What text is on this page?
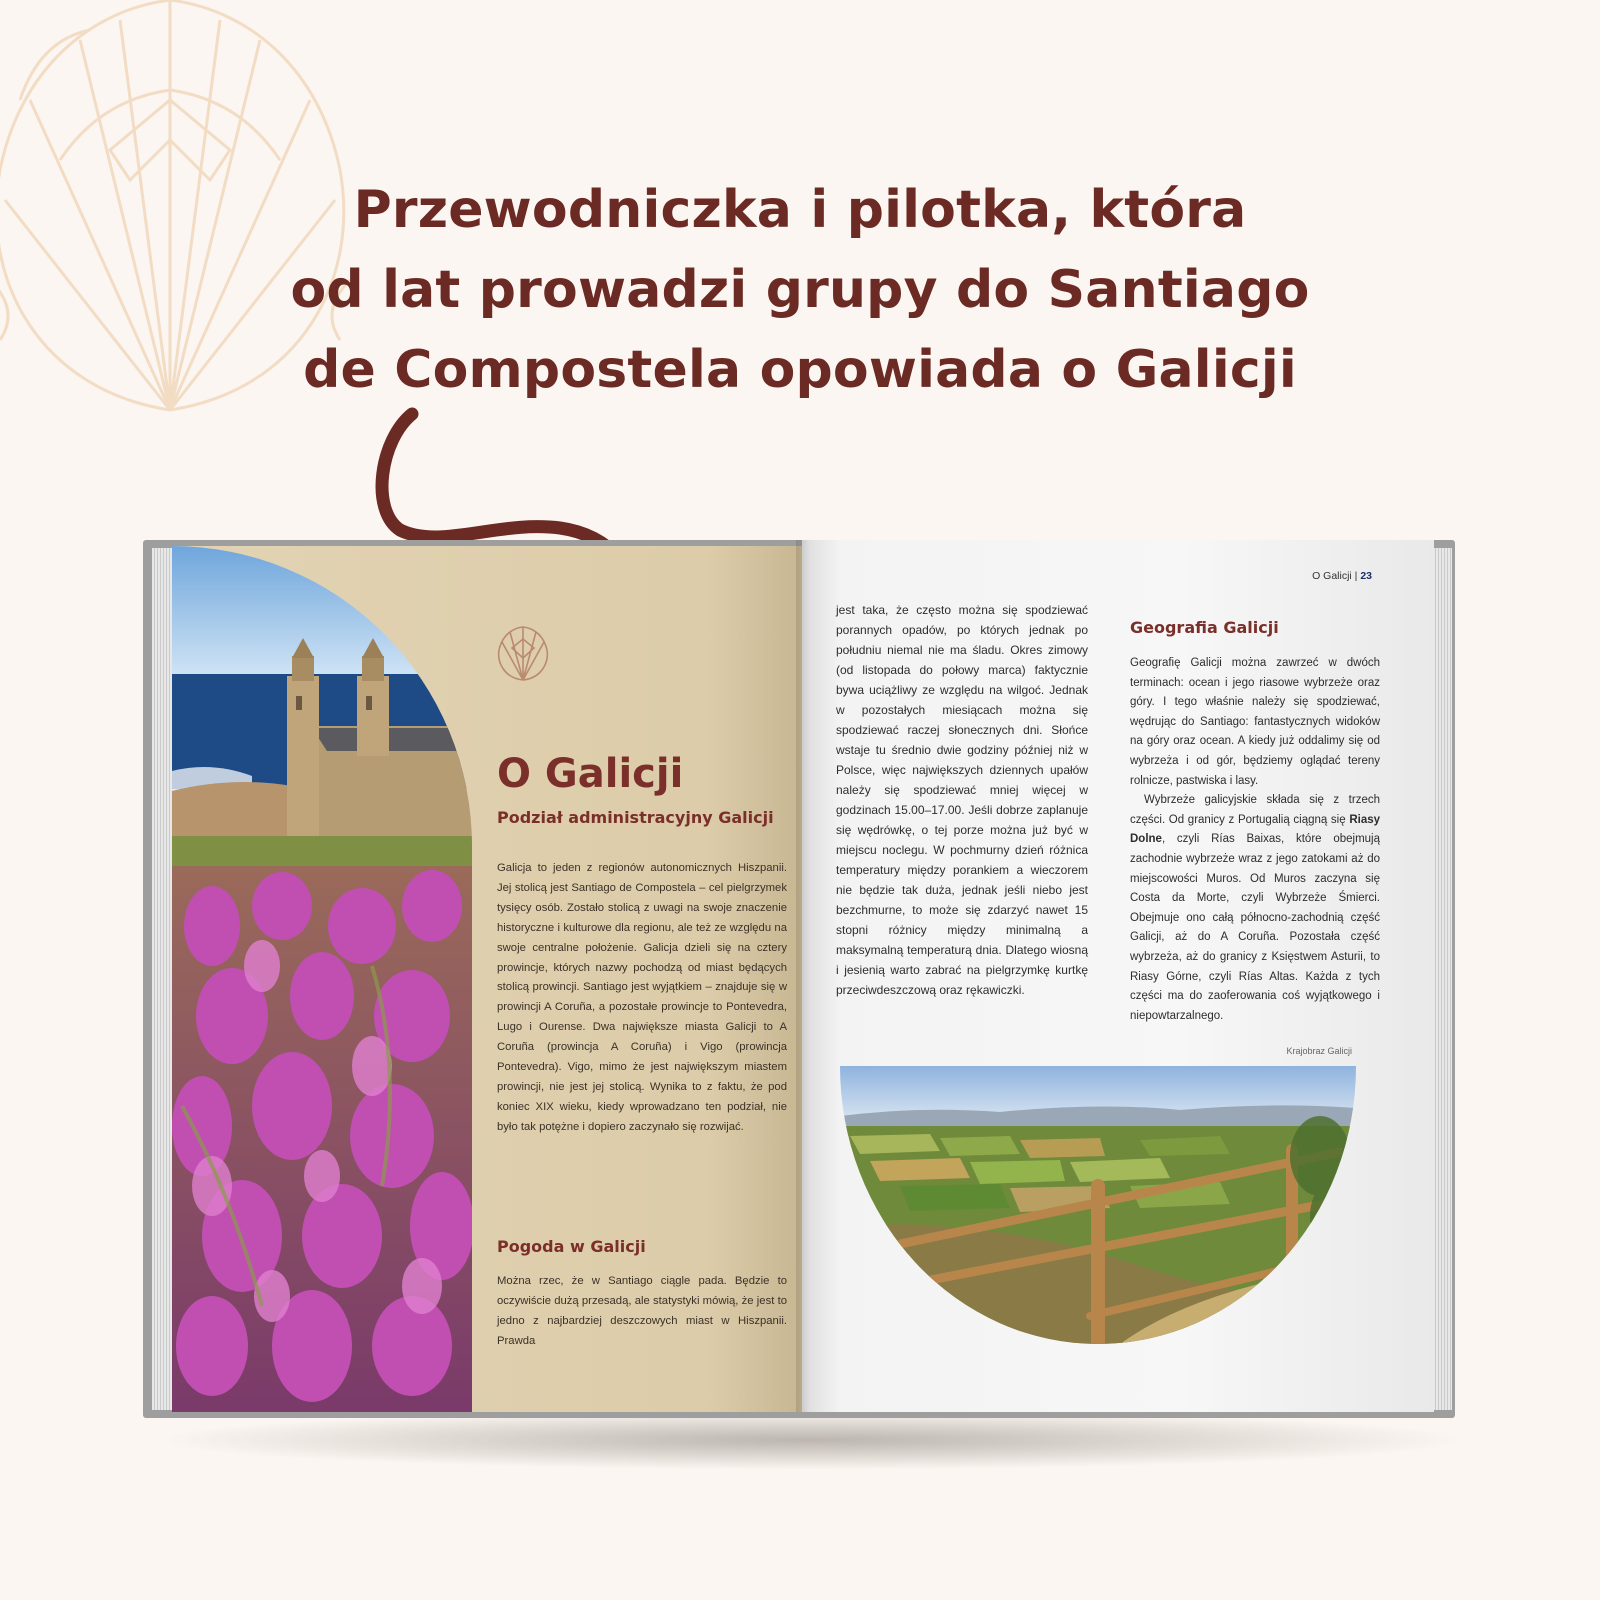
Przewodniczka i pilotka, która
od lat prowadzi grupy do Santiago
de Compostela opowiada o Galicji
O Galicji
Podział administracyjny Galicji
Galicja to jeden z regionów autonomicznych Hiszpanii. Jej stolicą jest Santiago de Compostela – cel pielgrzymek tysięcy osób. Zostało stolicą z uwagi na swoje znaczenie historyczne i kulturowe dla regionu, ale też ze względu na swoje centralne położenie. Galicja dzieli się na cztery prowincje, których nazwy pochodzą od miast będących stolicą prowincji. Santiago jest wyjątkiem – znajduje się w prowincji A Coruña, a pozostałe prowincje to Pontevedra, Lugo i Ourense. Dwa największe miasta Galicji to A Coruña (prowincja A Coruña) i Vigo (prowincja Pontevedra). Vigo, mimo że jest największym miastem prowincji, nie jest jej stolicą. Wynika to z faktu, że pod koniec XIX wieku, kiedy wprowadzano ten podział, nie było tak potężne i dopiero zaczynało się rozwijać.
Pogoda w Galicji
Można rzec, że w Santiago ciągle pada. Będzie to oczywiście dużą przesadą, ale statystyki mówią, że jest to jedno z najbardziej deszczowych miast w Hiszpanii. Prawda
O Galicji | 23
jest taka, że często można się spodziewać porannych opadów, po których jednak po południu niemal nie ma śladu. Okres zimowy (od listopada do połowy marca) faktycznie bywa uciążliwy ze względu na wilgoć. Jednak w pozostałych miesiącach można się spodziewać raczej słonecznych dni. Słońce wstaje tu średnio dwie godziny później niż w Polsce, więc największych dziennych upałów należy się spodziewać mniej więcej w godzinach 15.00–17.00. Jeśli dobrze zaplanuje się wędrówkę, o tej porze można już być w miejscu noclegu. W pochmurny dzień różnica temperatury między porankiem a wieczorem nie będzie tak duża, jednak jeśli niebo jest bezchmurne, to może się zdarzyć nawet 15 stopni różnicy między minimalną a maksymalną temperaturą dnia. Dlatego wiosną i jesienią warto zabrać na pielgrzymkę kurtkę przeciwdeszczową oraz rękawiczki.
Geografia Galicji

Geografię Galicji można zawrzeć w dwóch terminach: ocean i jego riasowe wybrzeże oraz góry. I tego właśnie należy się spodziewać, wędrując do Santiago: fantastycznych widoków na góry oraz ocean. A kiedy już oddalimy się od wybrzeża i od gór, będziemy oglądać tereny rolnicze, pastwiska i lasy.

Wybrzeże galicyjskie składa się z trzech części. Od granicy z Portugalią ciągną się Riasy Dolne, czyli Rías Baixas, które obejmują zachodnie wybrzeże wraz z jego zatokami aż do miejscowości Muros. Od Muros zaczyna się Costa da Morte, czyli Wybrzeże Śmierci. Obejmuje ono całą północno-zachodnią część Galicji, aż do A Coruña. Pozostała część wybrzeża, aż do granicy z Księstwem Asturii, to Riasy Górne, czyli Rías Altas. Każda z tych części ma do zaoferowania coś wyjątkowego i niepowtarzalnego.

Krajobraz Galicji
